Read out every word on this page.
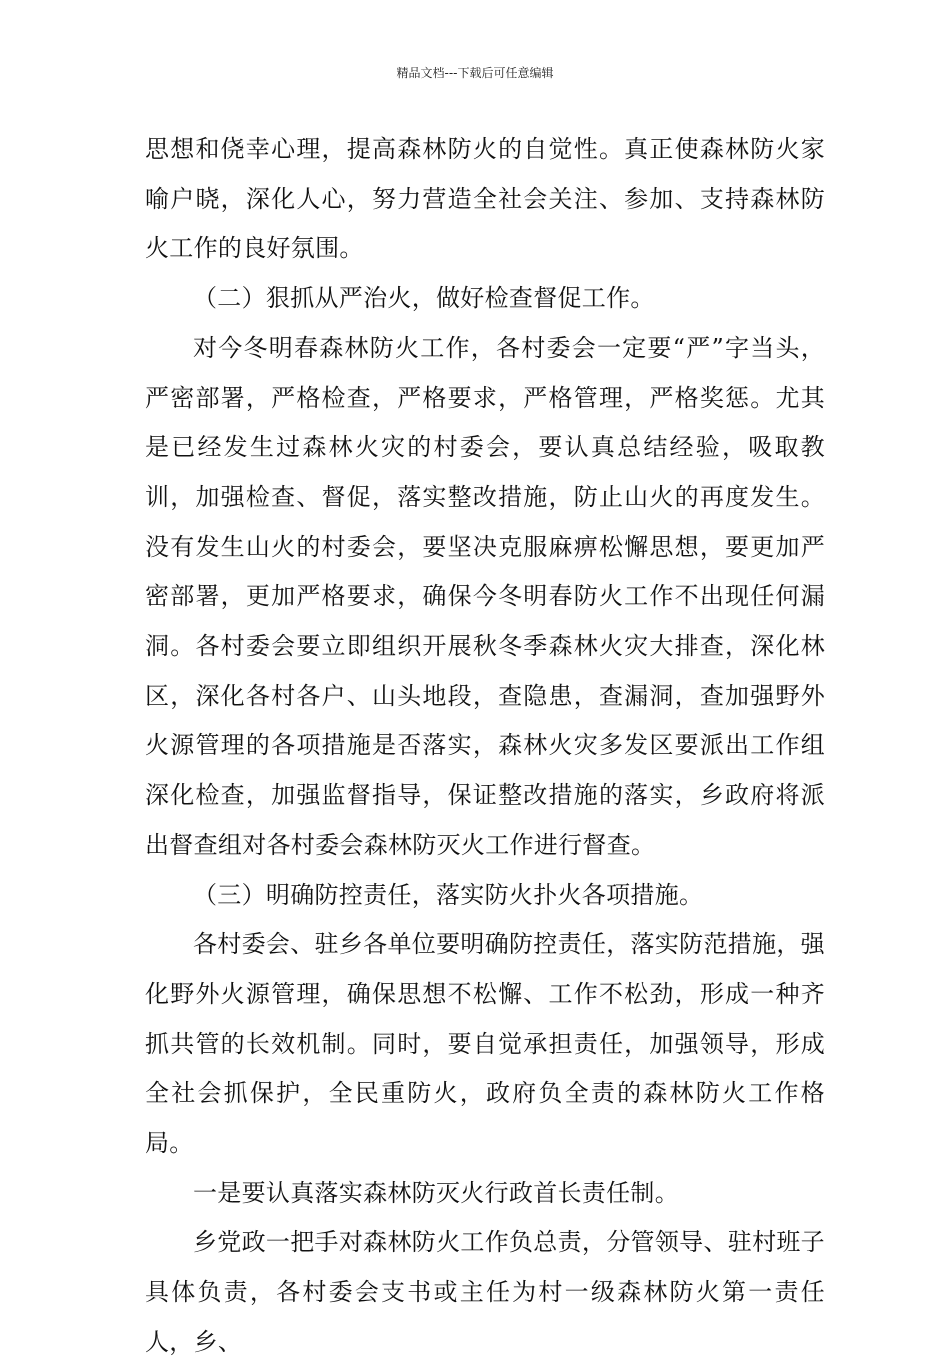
精品文档---下载后可任意编辑

思想和侥幸心理，提高森林防火的自觉性。真正使森林防火家喻户晓，深化人心，努力营造全社会关注、参加、支持森林防火工作的良好氛围。

（二）狠抓从严治火，做好检查督促工作。

对今冬明春森林防火工作，各村委会一定要“严”字当头，严密部署，严格检查，严格要求，严格管理，严格奖惩。尤其是已经发生过森林火灾的村委会，要认真总结经验，吸取教训，加强检查、督促，落实整改措施，防止山火的再度发生。没有发生山火的村委会，要坚决克服麻痹松懈思想，要更加严密部署，更加严格要求，确保今冬明春防火工作不出现任何漏洞。各村委会要立即组织开展秋冬季森林火灾大排查，深化林区，深化各村各户、山头地段，查隐患，查漏洞，查加强野外火源管理的各项措施是否落实，森林火灾多发区要派出工作组深化检查，加强监督指导，保证整改措施的落实，乡政府将派出督查组对各村委会森林防灭火工作进行督查。

（三）明确防控责任，落实防火扑火各项措施。

各村委会、驻乡各单位要明确防控责任，落实防范措施，强化野外火源管理，确保思想不松懈、工作不松劲，形成一种齐抓共管的长效机制。同时，要自觉承担责任，加强领导，形成全社会抓保护，全民重防火，政府负全责的森林防火工作格局。

一是要认真落实森林防灭火行政首长责任制。

乡党政一把手对森林防火工作负总责，分管领导、驻村班子具体负责，各村委会支书或主任为村一级森林防火第一责任人，乡、
